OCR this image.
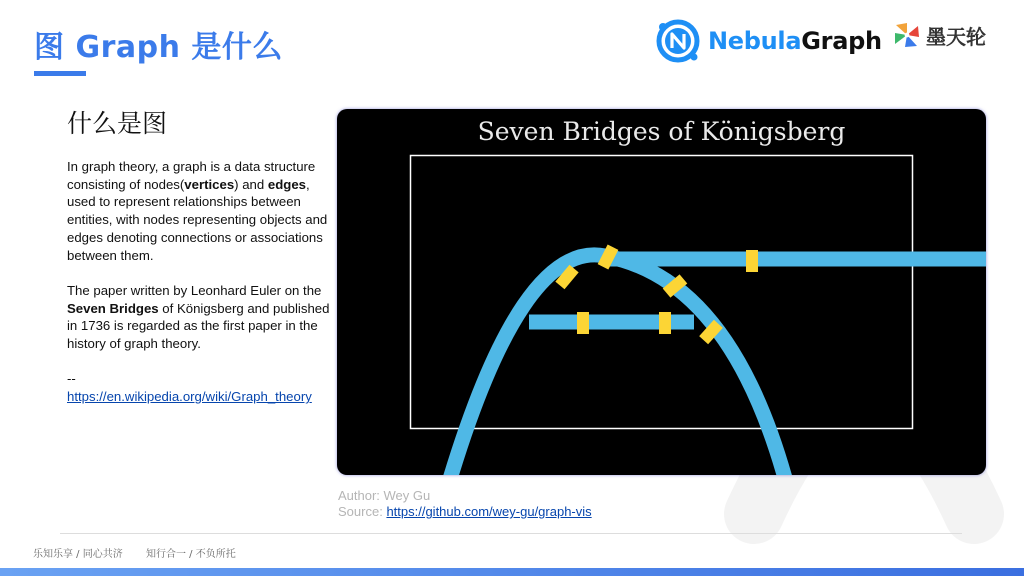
图 Graph 是什么	NebulaGraph 墨天轮
什么是图

In graph theory, a graph is a data structure consisting of nodes(vertices) and edges, used to represent relationships between entities, with nodes representing objects and edges denoting connections or associations between them.

The paper written by Leonhard Euler on the Seven Bridges of Königsberg and published in 1736 is regarded as the first paper in the history of graph theory.

--

https://en.wikipedia.org/wiki/Graph_theory

Seven Bridges of Königsberg
Author: Wey Gu
Source: https://github.com/wey-gu/graph-vis
乐知乐享 / 同心共济 知行合一 / 不负所托
